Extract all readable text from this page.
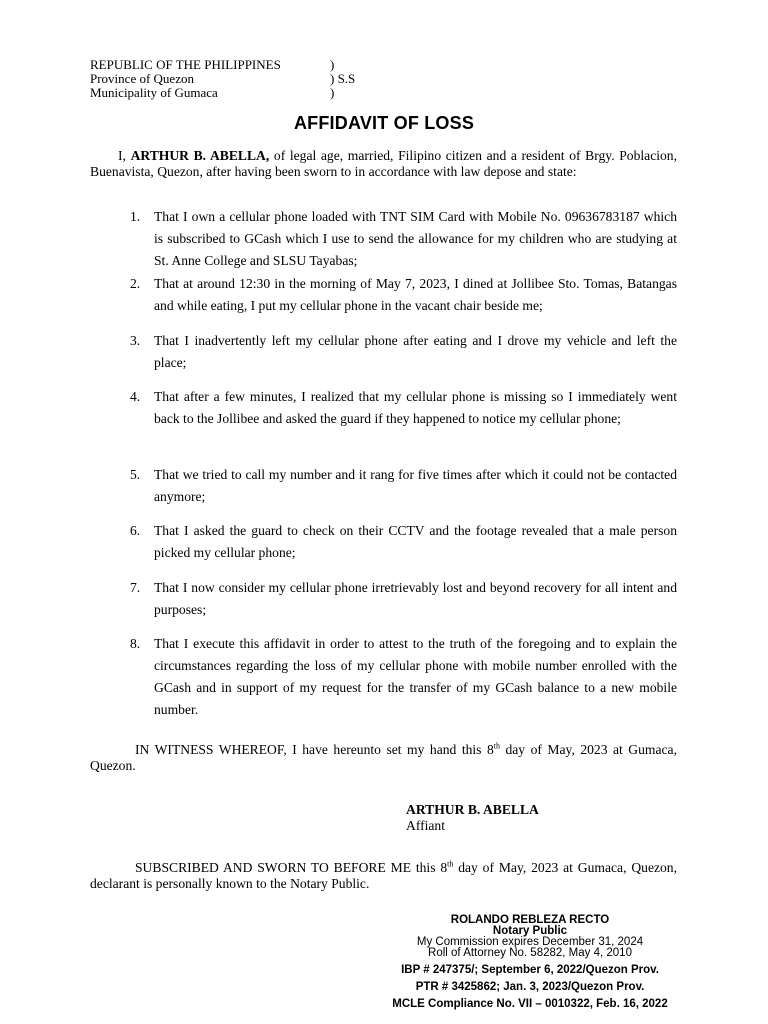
REPUBLIC OF THE PHILIPPINES	)
Province of Quezon	) S.S
Municipality of Gumaca	)
AFFIDAVIT OF LOSS
I, ARTHUR B. ABELLA, of legal age, married, Filipino citizen and a resident of Brgy. Poblacion, Buenavista, Quezon, after having been sworn to in accordance with law depose and state:
1.	That I own a cellular phone loaded with TNT SIM Card with Mobile No. 09636783187 which is subscribed to GCash which I use to send the allowance for my children who are studying at St. Anne College and SLSU Tayabas;
2.	That at around 12:30 in the morning of May 7, 2023, I dined at Jollibee Sto. Tomas, Batangas and while eating, I put my cellular phone in the vacant chair beside me;
3.	That I inadvertently left my cellular phone after eating and I drove my vehicle and left the place;
4.	That after a few minutes, I realized that my cellular phone is missing so I immediately went back to the Jollibee and asked the guard if they happened to notice my cellular phone;
5.	That we tried to call my number and it rang for five times after which it could not be contacted anymore;
6.	That I asked the guard to check on their CCTV and the footage revealed that a male person picked my cellular phone;
7.	That I now consider my cellular phone irretrievably lost and beyond recovery for all intent and purposes;
8.	That I execute this affidavit in order to attest to the truth of the foregoing and to explain the circumstances regarding the loss of my cellular phone with mobile number enrolled with the GCash and in support of my request for the transfer of my GCash balance to a new mobile number.
IN WITNESS WHEREOF, I have hereunto set my hand this 8th day of May, 2023 at Gumaca, Quezon.
ARTHUR B. ABELLA
Affiant
SUBSCRIBED AND SWORN TO BEFORE ME this 8th day of May, 2023 at Gumaca, Quezon, declarant is personally known to the Notary Public.
ROLANDO REBLEZA RECTO
Notary Public
My Commission expires December 31, 2024
Roll of Attorney No. 58282, May 4, 2010
IBP # 247375/; September 6, 2022/Quezon Prov.
PTR # 3425862; Jan. 3, 2023/Quezon Prov.
MCLE Compliance No. VII – 0010322, Feb. 16, 2022
